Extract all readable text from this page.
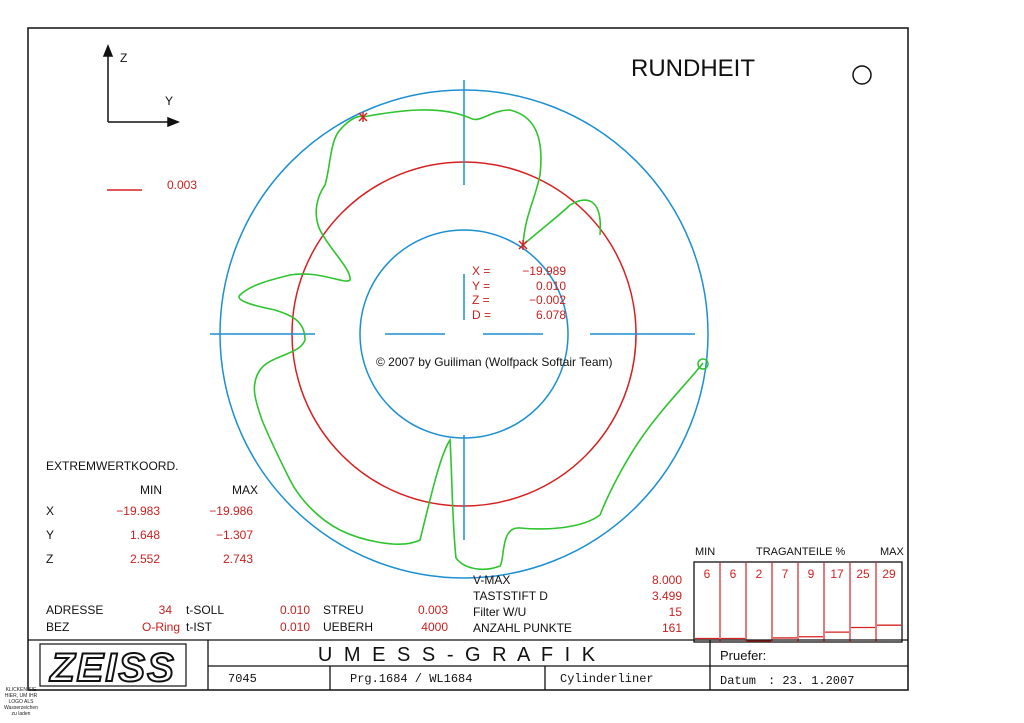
Z
Y
0.003
RUNDHEIT
X =	−19.989
Y =	0.010
Z =	−0.002
D =	6.078
© 2007 by Guiliman (Wolfpack Softair Team)
EXTREMWERTKOORD.
MIN	MAX
X	−19.983	−19.986
Y	1.648	−1.307
Z	2.552	2.743
ADRESSE	34
BEZ	O-Ring
t-SOLL	0.010
t-IST	0.010
STREU	0.003
UEBERH	4000
V-MAX	8.000
TASTSTIFT D	3.499
Filter W/U	15
ANZAHL PUNKTE	161
MIN	TRAGANTEILE %	MAX
6 6 2 7 9 17 25 29
ZEISS	U M E S S - G R A F I K
7045	Prg.1684 / WL1684	Cylinderliner
Pruefer:
Datum : 23. 1.2007
KLICKEN SIE HIER, UM IHR LOGO ALS Wasserzeichen zu laden
